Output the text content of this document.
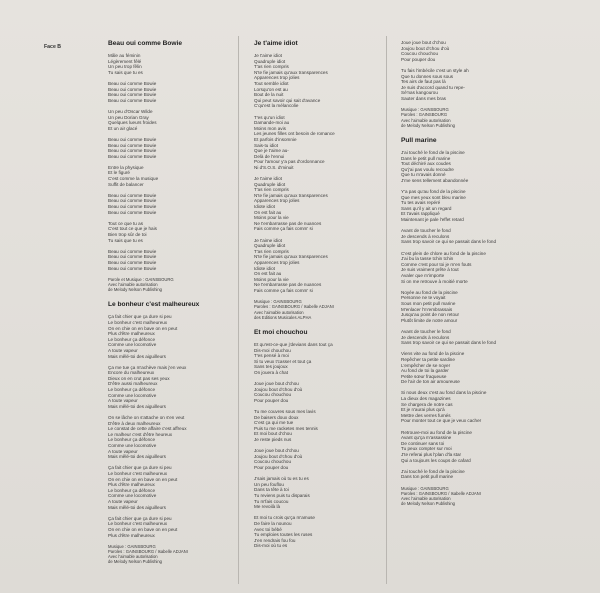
Face B	Beau oui comme Bowie
Mâle au féminin
Légèrement fêlé
Un peu trop fêlin
Tu sais que tu es
Beau oui comme Bowie
Beau oui comme Bowie
Beau oui comme Bowie
Beau oui comme Bowie
Un peu d'Oscar Wilde
Un peu Dorian Gray
Quelques lueurs froides
Et un air glacé
Beau oui comme Bowie
Beau oui comme Bowie
Beau oui comme Bowie
Beau oui comme Bowie
Entre la physique
Et le figuré
C'est comme la musique
Suffit de balancer
Beau oui comme Bowie
Beau oui comme Bowie
Beau oui comme Bowie
Beau oui comme Bowie
Tout ce que tu as
C'est tout ce que je hais
Bien trop sûr de toi
Tu sais que tu es
Beau oui comme Bowie
Beau oui comme Bowie
Beau oui comme Bowie
Beau oui comme Bowie
Parole et Musique : GAINSBOURG
Avec l'aimable autorisation
de Melody Nelson Publishing
Le bonheur c'est malheureux
Ça fait chier que ça dure si peu
Le bonheur c'est malheureux
On en chie on en bave on en peut
Plus d'être malheureux
Le bonheur ça défonce
Comme une locomotive
A toute vapeur
Mais mêlé-toi des aiguilleurs
Ça me tue ça m'achève mais j'en veux
Encore du malheureux
Dieux on en crut pas ses yeux
D'être aussi malheureux
Le bonheur ça défonce
Comme une locomotive
A toute vapeur
Mais mêlé-toi des aiguilleurs
On se lâche on s'attache on s'en veut
D'être à deux malheureux
Le constat de cette affaire c'est affreux
Le malheur c'est d'être heureux
Le bonheur ça défonce
Comme une locomotive
A toute vapeur
Mais mêlé-toi des aiguilleurs
Ça fait chier que ça dure si peu
Le bonheur c'est malheureux
On en chie on en bave on en peut
Plus d'être malheureux
Le bonheur ça défonce
Comme une locomotive
A toute vapeur
Mais mêlé-toi des aiguilleurs
Ça fait chier que ça dure si peu
Le bonheur c'est malheureux
On en chie on en bave on en peut
Plus d'être malheureux
Musique : GAINSBOURG
Paroles : GAINSBOURG / Isabelle ADJANI
Avec l'aimable autorisation
de Melody Nelson Publishing
Je t'aime idiot
Je t'aime idiot
Quadruple idiot
T'as rien compris
N'te fie jamais qu'aux transparences
Apparences trop jolies
Tout semble idiot
Lorsqu'on est au
Bout de la nuit
Qui peut savoir qui sait d'avance
C'qu'est la mélancolie
T'es qu'un idiot
Damande-moi au
Moins mon avis
Les jeunes filles ont besoin de romance
Et parfois d'insomnie
Sais-tu idiot
Que je t'aime au-
Delà de l'ennui
Pour l'amour y'a pas d'ordonnance
Ni d'S.O.S. d'minuit
Je t'aime idiot
Quadruple idiot
T'as rien compris
N'te fie jamais qu'aux transparences
Apparences trop jolies
Idiote idiot
On est fait au
Moins pour la vie
Ne t'embarrasse pas de nuances
Fais comme ça fais comm' si
Je t'aime idiot
Quadruple idiot
T'as rien compris
N'te fie jamais qu'aux transparences
Apparences trop jolies
Idiote idiot
On est fait au
Moins pour la vie
Ne t'embarrasse pas de nuances
Fais comme ça fais comm' si
Musique : GAINSBOURG
Paroles : GAINSBOURG / Isabelle ADJANI
Avec l'aimable autorisation
des Editions Musicales ALPHA
Et moi chouchou
Et qu'est-ce-que j'devians dans tout ça
Dis-moi chouchou
T'es pensé à moi
Si tu veux t'casser et tout ça
Sans tes joujoux
On jouera à chat
Joue joue bout d'chou
Joujou bout d'chou d'où
Coucou chouchou
Pour pouper dou
Tu me couvres sous mes lavis
De baisers doux doux
C'est ça qui me tue
Puis tu me racketes mes tennis
Et moi bout d'chou
Je reste pieds nus
Joue joue bout d'chou
Joujou bout d'chou d'où
Coucou chouchou
Pour pouper dou
J'sais jamais où tu es tu es
Un peu fouflou
Dans ta tête à toi
Tu reviens puis tu disparais
Tu m'fais coucou
Me revoilà là
Et moi tu crois qu'ça m'amuse
De faire la nounou
Avec toi bébé
Tu emploies toutes les ruses
J'en rendrais fou fou
Dis-moi où tu es
Joue joue bout d'chou
Joujou bout d'chou d'où
Coucou chouchou
Pour pouper dou
Tu fais l'imbécile c'est un style ah
Que tu donnes sous sous
Tes airs de faut pas là
Je suis d'accord quand tu repe-
Sé'nas kangourou
Sauter dans mes bras
Musique : GAINSBOURG
Paroles : GAINSBOURG
Avec l'aimable autorisation
de Melody Nelson Publishing
Pull marine
J'ai touché le fond de la piscine
Dans le petit pull marine
Tout déchiré aux coudes
Qu'j'ai pas voulu recoudre
Que tu m'avais donné
J'me sens tellement abandonnée
Y'a pas qu'au fond de la piscine
Que mes yeux sont bleu marine
Tu tes avais repéré
Sans qu'il y ait un regard
Et t'avais rappliqué
Maintenant je pale l'effet retard
Avant de toucher le fond
Je descends à reculons
Sans trop savoir ce qui se passait dans le fond
C'est plein de chlore au fond de la piscine
J'ai bu la tasse tchin tchin
Comme c'est pour toi je m'en fouts
Je suis vraiment prête à tout
Avaler que m'importe
Si on me retrouve à moitié morte
Noyée au fond de la piscine
Personne ne te voyait
Sous mon petit pull marine
M'enlacer l'm'embrassais
Jusqu'au point de non retour
Plutôt limite de notre amour
Avant de toucher le fond
Je descends à reculons
Sans trop savoir ce qui se passait dans le fond
Viens vite au fond de la piscine
Repêcher ta petite sardine
L'empêcher de se noyer
Au fond de toi la garder
Petite sœur fraqueuse
De l'air de ton air amoureuse
Si nous deux c'est au fond dans la piscine
La dieux des magazines
Se chargera de notre cas
Et je n'aurai plus qu'à
Mettre des verres fumés
Pour monter tout ce que je veux cacher
Retrouve-moi au fond de la piscine
Avant qu'ça m'assassine
De continuer sans toi
Tu peux compter sur moi
J'te referai plus l'plan d'la star
Qui a toujours les coups de cafard
J'ai touché le fond de la piscine
Dans ton petit pull marine
Musique : GAINSBOURG
Paroles : GAINSBOURG / Isabelle ADJANI
Avec l'aimable autorisation
de Melody Nelson Publishing
